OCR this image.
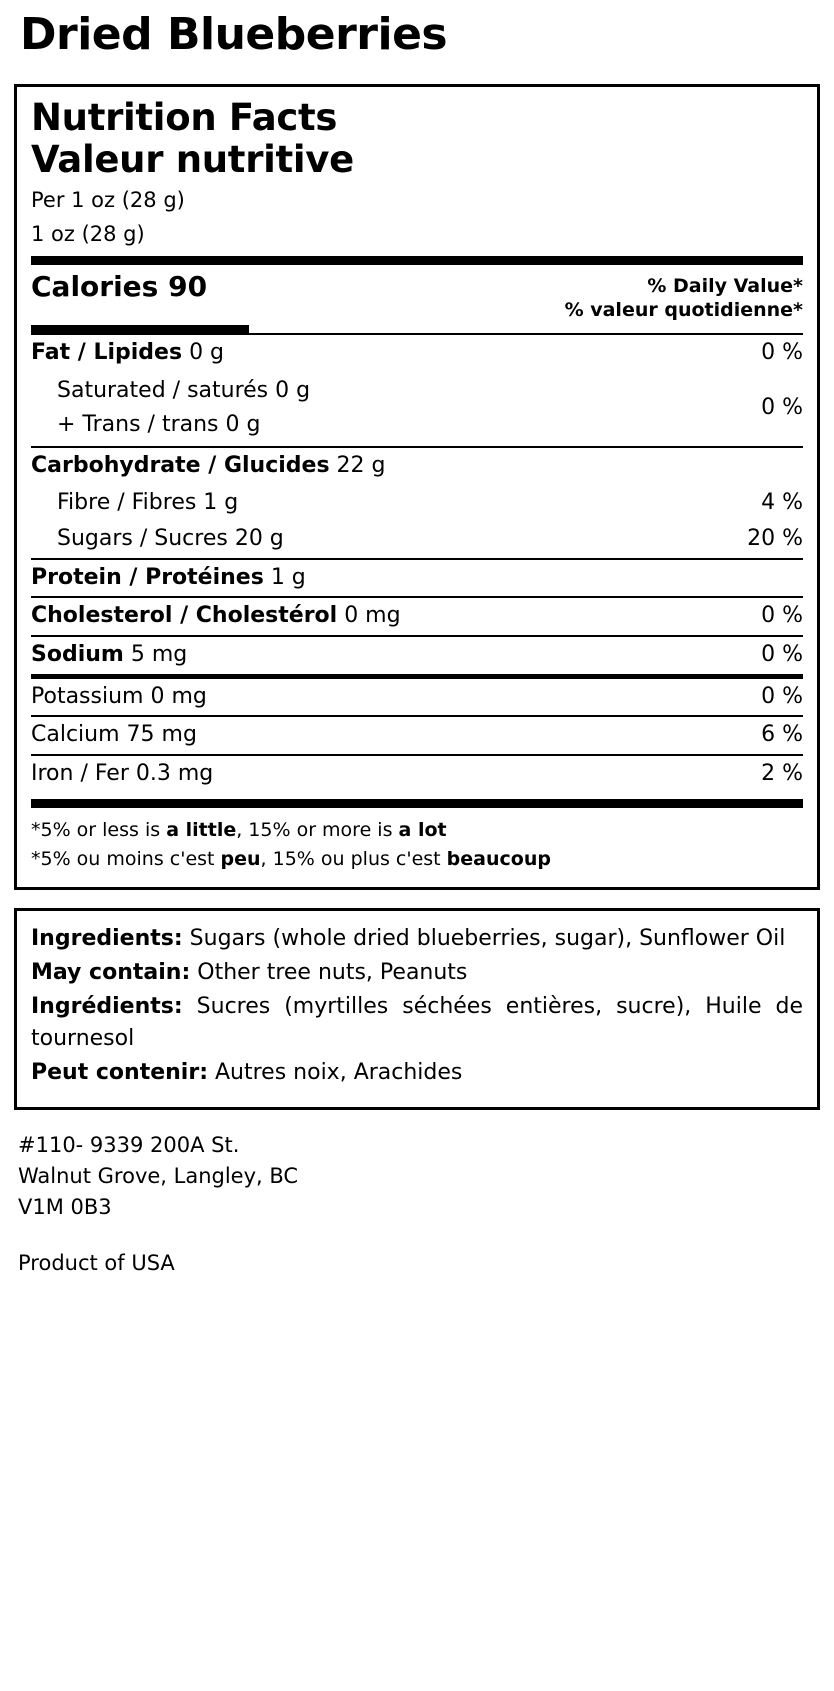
Dried Blueberries
Nutrition Facts
Valeur nutritive
Per 1 oz (28 g)
1 oz (28 g)
Calories 90	% Daily Value*
% valeur quotidienne*
Fat / Lipides 0 g	0 %
Saturated / saturés 0 g
+ Trans / trans 0 g
0 %
Carbohydrate / Glucides 22 g
Fibre / Fibres 1 g	4 %
Sugars / Sucres 20 g	20 %
Protein / Protéines 1 g
Cholesterol / Cholestérol 0 mg	0 %
Sodium 5 mg	0 %
Potassium 0 mg	0 %
Calcium 75 mg	6 %
Iron / Fer 0.3 mg	2 %
*5% or less is a little, 15% or more is a lot
*5% ou moins c'est peu, 15% ou plus c'est beaucoup
Ingredients: Sugars (whole dried blueberries, sugar), Sunflower Oil
May contain: Other tree nuts, Peanuts
Ingrédients: Sucres (myrtilles séchées entières, sucre), Huile de tournesol
Peut contenir: Autres noix, Arachides
#110- 9339 200A St.
Walnut Grove, Langley, BC
V1M 0B3
Product of USA
